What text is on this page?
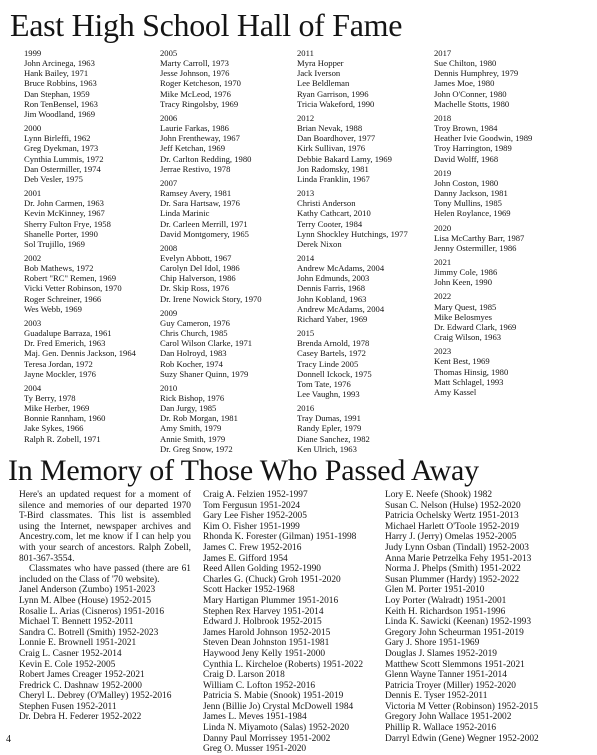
East High School Hall of Fame
1999
John Arcinega, 1963
Hank Bailey, 1971
Bruce Robbins, 1963
Dan Stephan, 1959
Ron TenBensel, 1963
Jim Woodland, 1969
2000
Lynn Birleffi, 1962
Greg Dyekman, 1973
Cynthia Lummis, 1972
Dan Ostermiller, 1974
Deb Vesler, 1975
2001
Dr. John Carmen, 1963
Kevin McKinney, 1967
Sherry Fulton Frye, 1958
Shanelle Porter, 1990
Sol Trujillo, 1969
2002
Bob Mathews, 1972
Robert "RC" Remen, 1969
Vicki Vetter Robinson, 1970
Roger Schreiner, 1966
Wes Webb, 1969
2003
Guadalupe Barraza, 1961
Dr. Fred Emerich, 1963
Maj. Gen. Dennis Jackson, 1964
Teresa Jordan, 1972
Jayne Mockler, 1976
2004
Ty Berry, 1978
Mike Herber, 1969
Bonnie Rannham, 1960
Jake Sykes, 1966
Ralph R. Zobell, 1971
2005
Marty Carroll, 1973
Jesse Johnson, 1976
Roger Ketcheson, 1970
Mike McLeod, 1976
Tracy Ringolsby, 1969
2006
Laurie Farkas, 1986
John Frentheway, 1967
Jeff Ketchan, 1969
Dr. Carlton Redding, 1980
Jerrae Restivo, 1978
2007
Ramsey Avery, 1981
Dr. Sara Hartsaw, 1976
Linda Marinic
Dr. Carleen Merrill, 1971
David Montgomery, 1965
2008
Evelyn Abbott, 1967
Carolyn Del Idol, 1986
Chip Halverson, 1986
Dr. Skip Ross, 1976
Dr. Irene Nowick Story, 1970
2009
Guy Cameron, 1976
Chris Church, 1985
Carol Wilson Clarke, 1971
Dan Holroyd, 1983
Rob Kocher, 1974
Suzy Shaner Quinn, 1979
2010
Rick Bishop, 1976
Dan Jurgy, 1985
Dr. Rob Morgan, 1981
Amy Smith, 1979
Annie Smith, 1979
Dr. Greg Snow, 1972
2011
Myra Hopper
Jack Iverson
Lee Beldleman
Ryan Garrison, 1996
Tricia Wakeford, 1990
2012
Brian Nevak, 1988
Dan Boardhover, 1977
Kirk Sullivan, 1976
Debbie Bakard Lamy, 1969
Jon Radomsky, 1981
Linda Franklin, 1967
2013
Christi Anderson
Kathy Cathcart, 2010
Terry Cooter, 1984
Lynn Shockley Hutchings, 1977
Derek Nixon
2014
Andrew McAdams, 2004
John Edmunds, 2003
Dennis Farris, 1968
John Kobland, 1963
Andrew McAdams, 2004
Richard Yaber, 1969
2015
Brenda Arnold, 1978
Casey Bartels, 1972
Tracy Linde 2005
Donnell Ickock, 1975
Tom Tate, 1976
Lee Vaughn, 1993
2016
Tray Dumas, 1991
Randy Epler, 1979
Diane Sanchez, 1982
Ken Ulrich, 1963
2017
Sue Chilton, 1980
Dennis Humphrey, 1979
James Moe, 1980
John O'Conner, 1980
Machelle Stotts, 1980
2018
Troy Brown, 1984
Heather Ivie Goodwin, 1989
Troy Harrington, 1989
David Wolff, 1968
2019
John Coston, 1980
Danny Jackson, 1981
Tony Mullins, 1985
Helen Roylance, 1969
2020
Lisa McCarthy Barr, 1987
Jenny Ostermiller, 1986
2021
Jimmy Cole, 1986
John Keen, 1990
2022
Mary Quest, 1985
Mike Belosmyes
Dr. Edward Clark, 1969
Craig Wilson, 1963
2023
Kent Best, 1969
Thomas Hinsig, 1980
Matt Schlagel, 1993
Amy Kassel
In Memory of Those Who Passed Away

Here's an updated request for a moment of silence and memories of our departed 1970 T-Bird classmates. This list is assembled using the Internet, newspaper archives and Ancestry.com, let me know if I can help you with your search of ancestors. Ralph Zobell, 801-367-3554.

Classmates who have passed (there are 61 included on the Class of '70 website).

Janel Anderson (Zumbo) 1951-2023
Lynn M. Albee (House) 1952-2015
Rosalie L. Arias (Cisneros) 1951-2016
Michael T. Bennett 1952-2011
Sandra C. Botrell (Smith) 1952-2023
Lonnie E. Brownell 1951-2021
Craig L. Casner 1952-2014
Kevin E. Cole 1952-2005
Robert James Creager 1952-2021
Fredrick C. Dashnaw 1952-2000
Cheryl L. Debrey (O'Malley) 1952-2016
Stephen Fusen 1952-2011
Dr. Debra H. Federer 1952-2022
Craig A. Felzien 1952-1997
Tom Fergusun 1951-2024
Gary Lee Fisher 1952-2005
Kim O. Fisher 1951-1999
Rhonda K. Forester (Gilman) 1951-1998
James C. Frew 1952-2016
James E. Gifford 1954
Reed Allen Golding 1952-1990
Charles G. (Chuck) Groh 1951-2020
Scott Hacker 1952-1968
Mary Hartigan Plummer 1951-2016
Stephen Rex Harvey 1951-2014
Edward J. Holbrook 1952-2015
James Harold Johnson 1952-2015
Steven Dean Johnston 1951-1981
Haywood Jeny Kelly 1951-2000
Cynthia L. Kircheloe (Roberts) 1951-2022
Craig D. Larson 2018
William C. Lofton 1952-2016
Patricia S. Mabie (Snook) 1951-2019
Jenn (Billie Jo) Crystal McDowell 1984
James L. Meves 1951-1984
Linda N. Miyamoto (Salas) 1952-2020
Danny Paul Morrissey 1951-2002
Greg O. Musser 1951-2020
Lory E. Neefe (Shook) 1982
Susan C. Nelson (Hulse) 1952-2020
Patricia Ochelsky Wertz 1951-2013
Michael Harlett O'Toole 1952-2019
Harry J. (Jerry) Omelas 1952-2005
Judy Lynn Osban (Tindall) 1952-2003
Anna Marie Petrzelka Fehy 1951-2013
Norma J. Phelps (Smith) 1951-2022
Susan Plummer (Hardy) 1952-2022
Glen M. Porter 1951-2010
Loy Porter (Walradt) 1951-2001
Keith H. Richardson 1951-1996
Linda K. Sawicki (Keenan) 1952-1993
Gregory John Scheurman 1951-2019
Gary J. Shore 1951-1969
Douglas J. Slames 1952-2019
Matthew Scott Slemmons 1951-2021
Glenn Wayne Tanner 1951-2014
Patricia Troyer (Miller) 1952-2020
Dennis E. Tyser 1952-2011
Victoria M Vetter (Robinson) 1952-2015
Gregory John Wallace 1951-2002
Phillip R. Wallace 1952-2016
Darryl Edwin (Gene) Wegner 1952-2002
4
